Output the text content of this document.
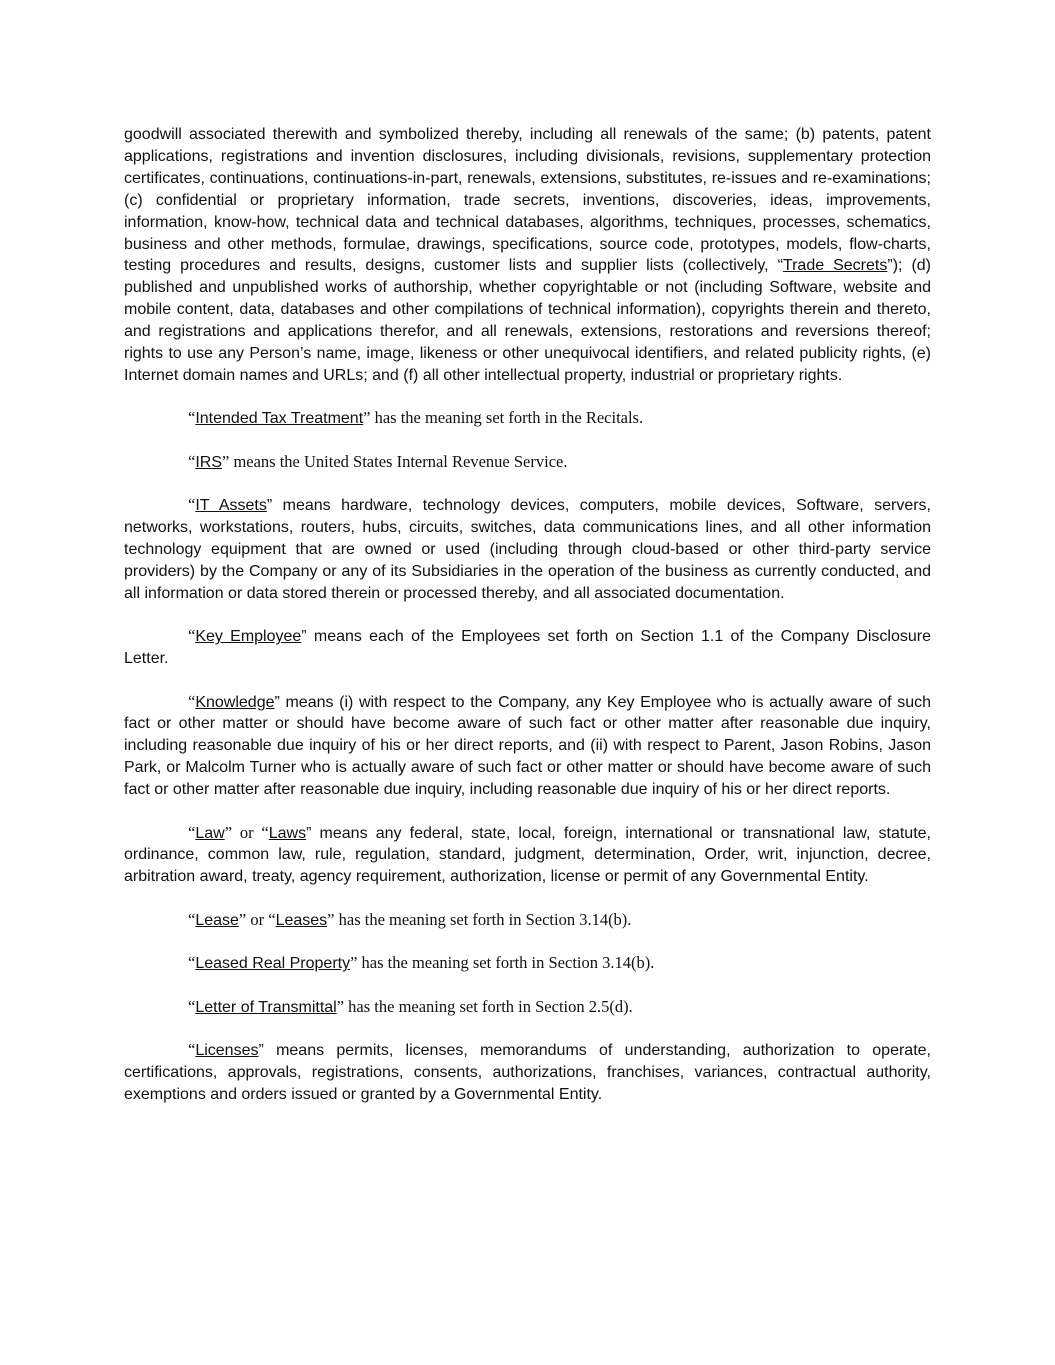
goodwill associated therewith and symbolized thereby, including all renewals of the same; (b) patents, patent applications, registrations and invention disclosures, including divisionals, revisions, supplementary protection certificates, continuations, continuations-in-part, renewals, extensions, substitutes, re-issues and re-examinations; (c) confidential or proprietary information, trade secrets, inventions, discoveries, ideas, improvements, information, know-how, technical data and technical databases, algorithms, techniques, processes, schematics, business and other methods, formulae, drawings, specifications, source code, prototypes, models, flow-charts, testing procedures and results, designs, customer lists and supplier lists (collectively, “Trade Secrets”); (d) published and unpublished works of authorship, whether copyrightable or not (including Software, website and mobile content, data, databases and other compilations of technical information), copyrights therein and thereto, and registrations and applications therefor, and all renewals, extensions, restorations and reversions thereof; rights to use any Person’s name, image, likeness or other unequivocal identifiers, and related publicity rights, (e) Internet domain names and URLs; and (f) all other intellectual property, industrial or proprietary rights.

“Intended Tax Treatment” has the meaning set forth in the Recitals.

“IRS” means the United States Internal Revenue Service.

“IT Assets” means hardware, technology devices, computers, mobile devices, Software, servers, networks, workstations, routers, hubs, circuits, switches, data communications lines, and all other information technology equipment that are owned or used (including through cloud-based or other third-party service providers) by the Company or any of its Subsidiaries in the operation of the business as currently conducted, and all information or data stored therein or processed thereby, and all associated documentation.

“Key Employee” means each of the Employees set forth on Section 1.1 of the Company Disclosure Letter.

“Knowledge” means (i) with respect to the Company, any Key Employee who is actually aware of such fact or other matter or should have become aware of such fact or other matter after reasonable due inquiry, including reasonable due inquiry of his or her direct reports, and (ii) with respect to Parent, Jason Robins, Jason Park, or Malcolm Turner who is actually aware of such fact or other matter or should have become aware of such fact or other matter after reasonable due inquiry, including reasonable due inquiry of his or her direct reports.

“Law” or “Laws” means any federal, state, local, foreign, international or transnational law, statute, ordinance, common law, rule, regulation, standard, judgment, determination, Order, writ, injunction, decree, arbitration award, treaty, agency requirement, authorization, license or permit of any Governmental Entity.

“Lease” or “Leases” has the meaning set forth in Section 3.14(b).

“Leased Real Property” has the meaning set forth in Section 3.14(b).

“Letter of Transmittal” has the meaning set forth in Section 2.5(d).

“Licenses” means permits, licenses, memorandums of understanding, authorization to operate, certifications, approvals, registrations, consents, authorizations, franchises, variances, contractual authority, exemptions and orders issued or granted by a Governmental Entity.
